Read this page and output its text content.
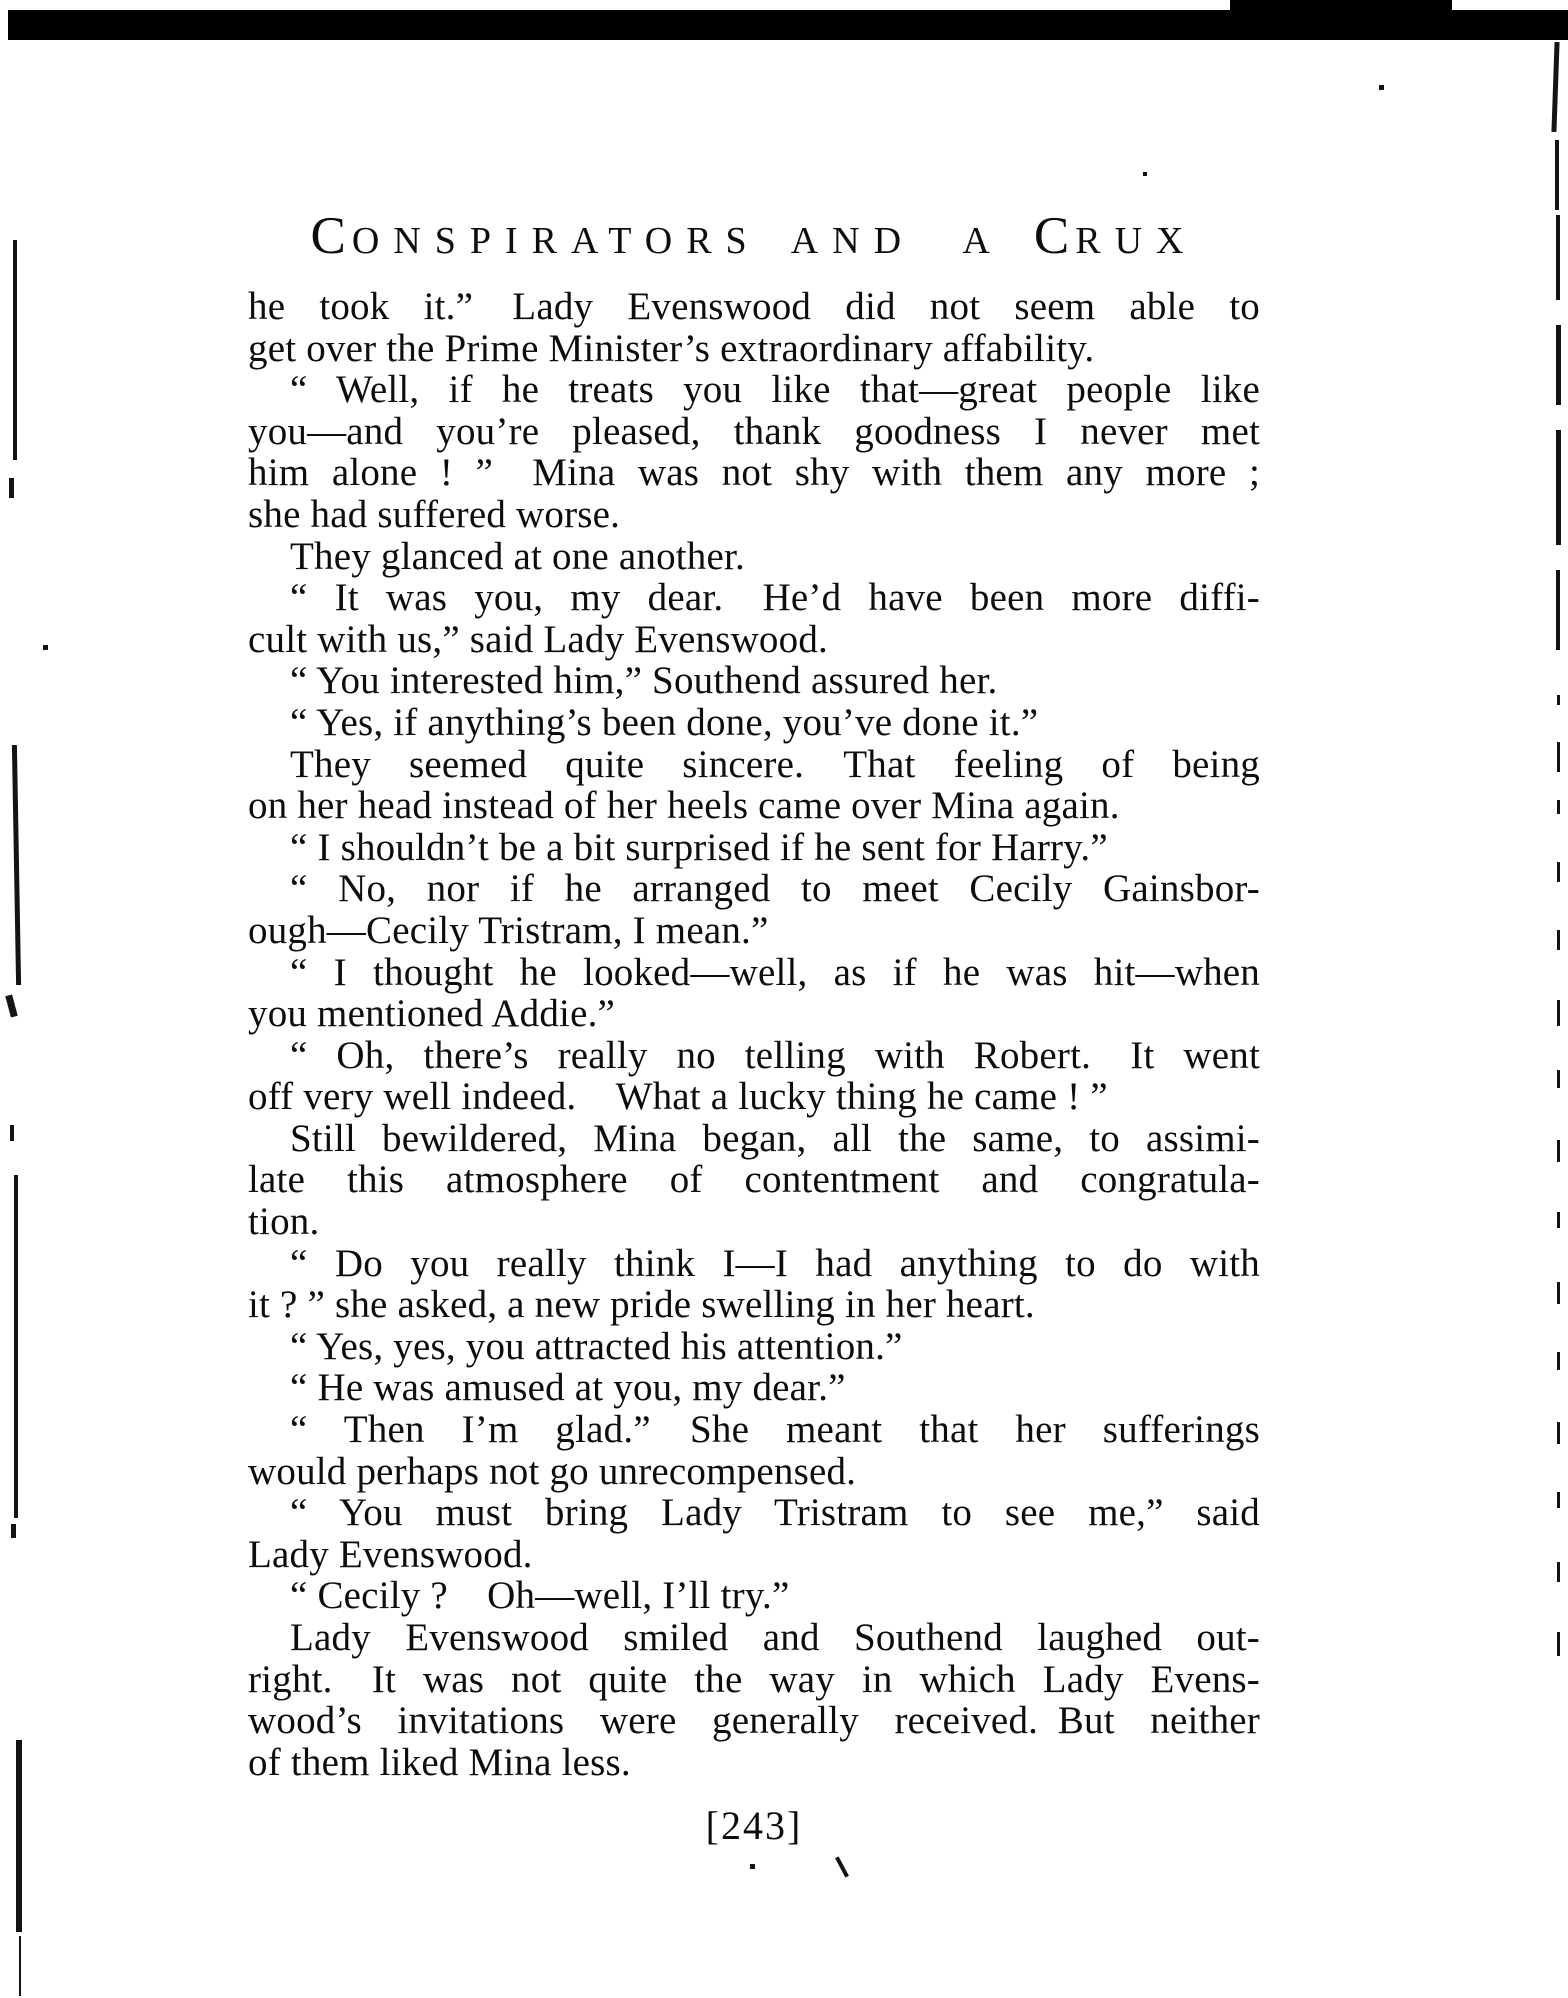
CONSPIRATORS AND A CRUX
he took it.” Lady Evenswood did not seem able to
get over the Prime Minister’s extraordinary affability.
“ Well, if he treats you like that—great people like
you—and you’re pleased, thank goodness I never met
him alone ! ” Mina was not shy with them any more ;
she had suffered worse.
They glanced at one another.
“ It was you, my dear. He’d have been more diffi-
cult with us,” said Lady Evenswood.
“ You interested him,” Southend assured her.
“ Yes, if anything’s been done, you’ve done it.”
They seemed quite sincere. That feeling of being
on her head instead of her heels came over Mina again.
“ I shouldn’t be a bit surprised if he sent for Harry.”
“ No, nor if he arranged to meet Cecily Gainsbor-
ough—Cecily Tristram, I mean.”
“ I thought he looked—well, as if he was hit—when
you mentioned Addie.”
“ Oh, there’s really no telling with Robert. It went
off very well indeed. What a lucky thing he came ! ”
Still bewildered, Mina began, all the same, to assimi-
late this atmosphere of contentment and congratula-
tion.
“ Do you really think I—I had anything to do with
it ? ” she asked, a new pride swelling in her heart.
“ Yes, yes, you attracted his attention.”
“ He was amused at you, my dear.”
“ Then I’m glad.” She meant that her sufferings
would perhaps not go unrecompensed.
“ You must bring Lady Tristram to see me,” said
Lady Evenswood.
“ Cecily ? Oh—well, I’ll try.”
Lady Evenswood smiled and Southend laughed out-
right. It was not quite the way in which Lady Evens-
wood’s invitations were generally received. But neither
of them liked Mina less.
[243]
